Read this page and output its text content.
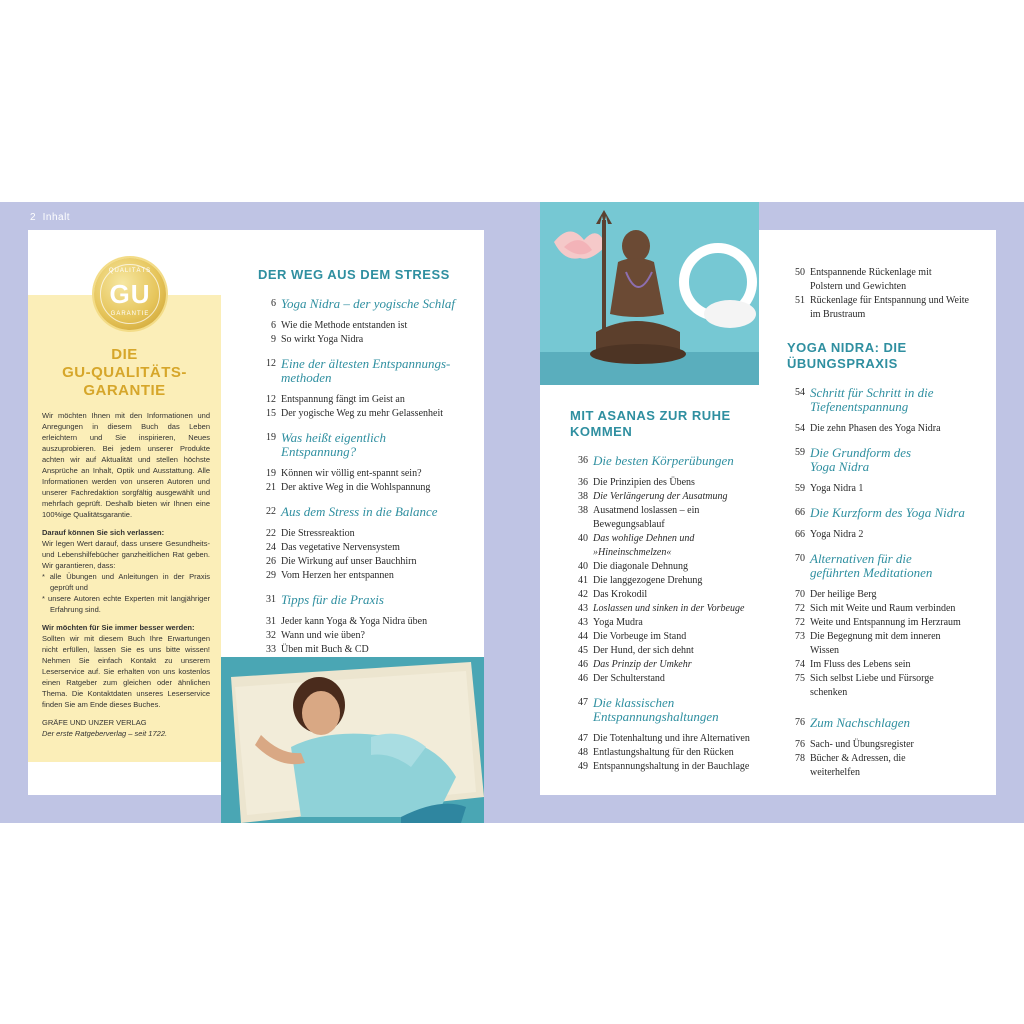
2 Inhalt
QUALITÄTS
GU
GARANTIE
DIE
GU-QUALITÄTS-
GARANTIE

Wir möchten Ihnen mit den Informationen und Anregungen in diesem Buch das Leben erleichtern und Sie inspirieren, Neues auszuprobieren. Bei jedem unserer Produkte achten wir auf Aktualität und stellen höchste Ansprüche an Inhalt, Optik und Ausstattung. Alle Informationen werden von unseren Autoren und unserer Fachredaktion sorgfältig ausgewählt und mehrfach geprüft. Deshalb bieten wir Ihnen eine 100%ige Qualitätsgarantie.

Darauf können Sie sich verlassen:
Wir legen Wert darauf, dass unsere Gesundheits- und Lebenshilfebücher ganzheitlichen Rat geben. Wir garantieren, dass:

* alle Übungen und Anleitungen in der Praxis geprüft und

* unsere Autoren echte Experten mit langjähriger Erfahrung sind.

Wir möchten für Sie immer besser werden:
Sollten wir mit diesem Buch Ihre Erwartungen nicht erfüllen, lassen Sie es uns bitte wissen! Nehmen Sie einfach Kontakt zu unserem Leserservice auf. Sie erhalten von uns kostenlos einen Ratgeber zum gleichen oder ähnlichen Thema. Die Kontaktdaten unseres Leserservice finden Sie am Ende dieses Buches.

GRÄFE UND UNZER VERLAG
Der erste Ratgeberverlag – seit 1722.
DER WEG AUS DEM STRESS
6 Yoga Nidra – der yogische Schlaf
6 Wie die Methode entstanden ist
9 So wirkt Yoga Nidra
12 Eine der ältesten Entspannungs-methoden
12 Entspannung fängt im Geist an
15 Der yogische Weg zu mehr Gelassenheit
19 Was heißt eigentlich Entspannung?
19 Können wir völlig ent-spannt sein?
21 Der aktive Weg in die Wohlspannung
22 Aus dem Stress in die Balance
22 Die Stressreaktion
24 Das vegetative Nervensystem
26 Die Wirkung auf unser Bauchhirn
29 Vom Herzen her entspannen
31 Tipps für die Praxis
31 Jeder kann Yoga & Yoga Nidra üben
32 Wann und wie üben?
33 Üben mit Buch & CD
MIT ASANAS ZUR RUHE KOMMEN
36 Die besten Körperübungen
36 Die Prinzipien des Übens
38 Die Verlängerung der Ausatmung
38 Ausatmend loslassen – ein Bewegungsablauf
40 Das wohlige Dehnen und »Hineinschmelzen«
40 Die diagonale Dehnung
41 Die langgezogene Drehung
42 Das Krokodil
43 Loslassen und sinken in der Vorbeuge
43 Yoga Mudra
44 Die Vorbeuge im Stand
45 Der Hund, der sich dehnt
46 Das Prinzip der Umkehr
46 Der Schulterstand
47 Die klassischen Entspannungshaltungen
47 Die Totenhaltung und ihre Alternativen
48 Entlastungshaltung für den Rücken
49 Entspannungshaltung in der Bauchlage
50 Entspannende Rückenlage mit Polstern und Gewichten
51 Rückenlage für Entspannung und Weite im Brustraum
YOGA NIDRA: DIE ÜBUNGSPRAXIS
54 Schritt für Schritt in die Tiefenentspannung
54 Die zehn Phasen des Yoga Nidra
59 Die Grundform des Yoga Nidra
59 Yoga Nidra 1
66 Die Kurzform des Yoga Nidra
66 Yoga Nidra 2
70 Alternativen für die geführten Meditationen
70 Der heilige Berg
72 Sich mit Weite und Raum verbinden
72 Weite und Entspannung im Herzraum
73 Die Begegnung mit dem inneren Wissen
74 Im Fluss des Lebens sein
75 Sich selbst Liebe und Fürsorge schenken
76 Zum Nachschlagen
76 Sach- und Übungsregister
78 Bücher & Adressen, die weiterhelfen
